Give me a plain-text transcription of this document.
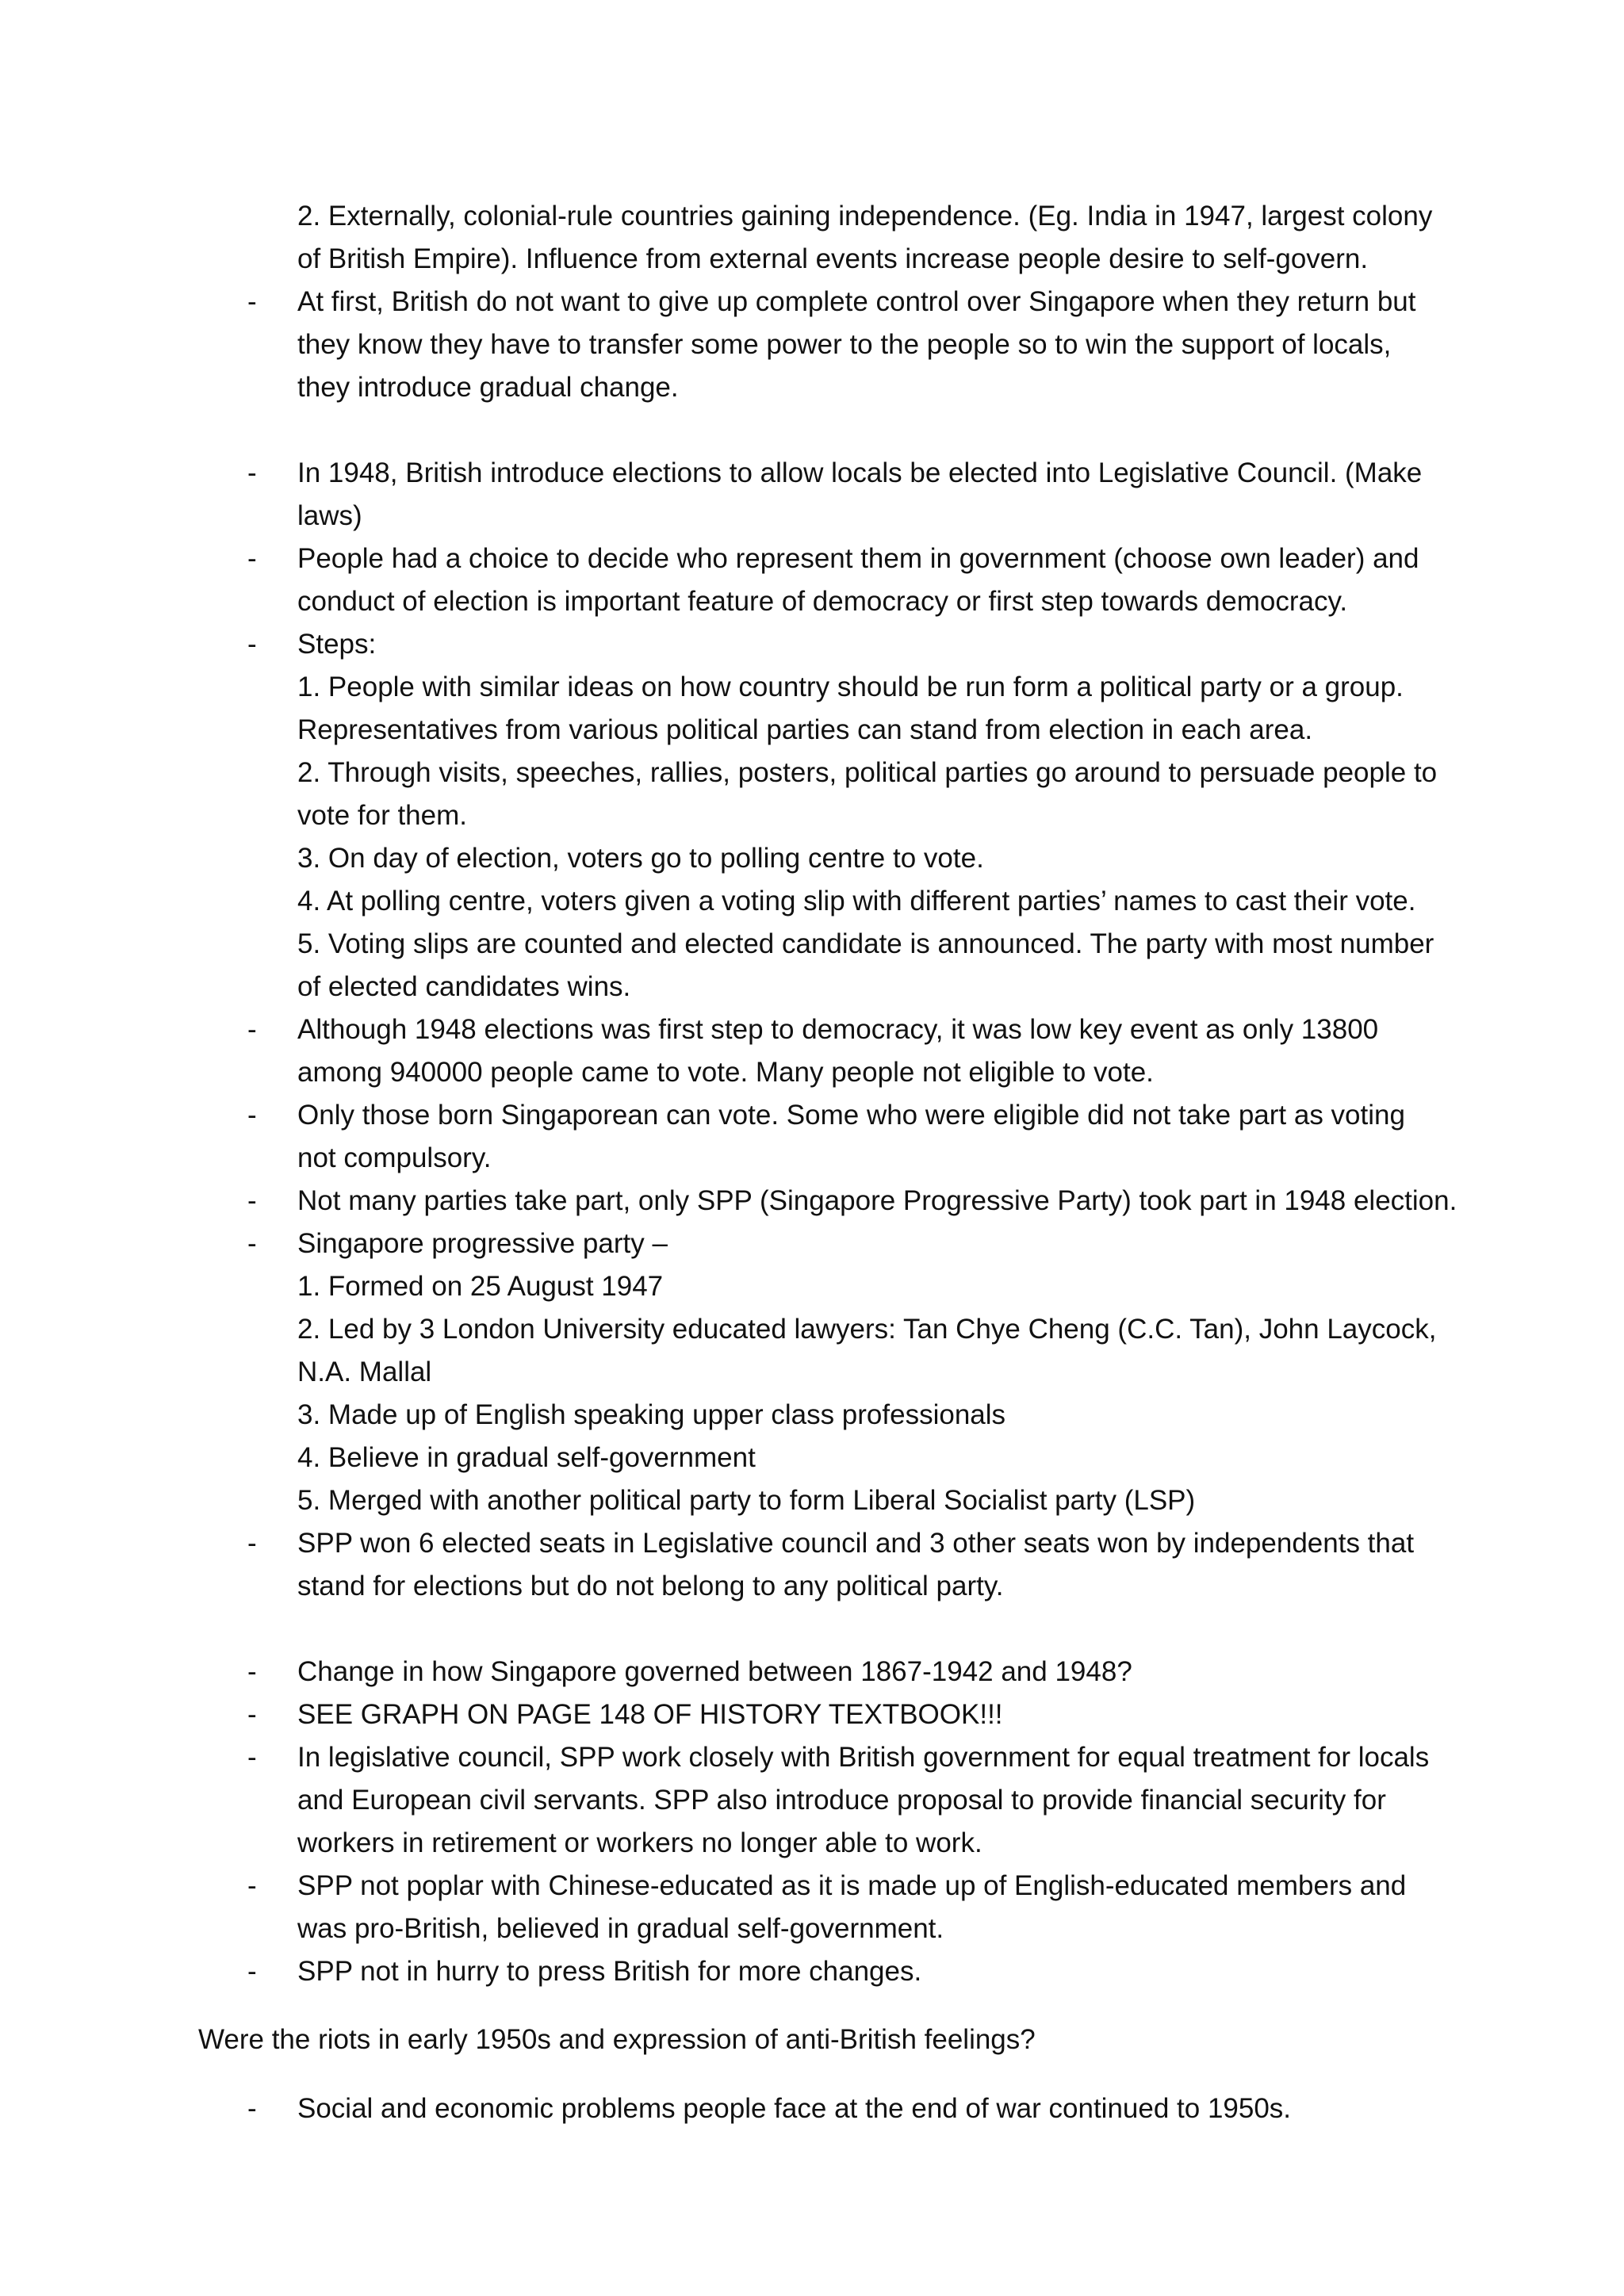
2. Externally, colonial-rule countries gaining independence. (Eg. India in 1947, largest colony
of British Empire). Influence from external events increase people desire to self-govern.
- At first, British do not want to give up complete control over Singapore when they return but
they know they have to transfer some power to the people so to win the support of locals,
they introduce gradual change.
- In 1948, British introduce elections to allow locals be elected into Legislative Council. (Make
laws)
- People had a choice to decide who represent them in government (choose own leader) and
conduct of election is important feature of democracy or first step towards democracy.
- Steps:
1. People with similar ideas on how country should be run form a political party or a group.
Representatives from various political parties can stand from election in each area.
2. Through visits, speeches, rallies, posters, political parties go around to persuade people to
vote for them.
3. On day of election, voters go to polling centre to vote.
4. At polling centre, voters given a voting slip with different parties’ names to cast their vote.
5. Voting slips are counted and elected candidate is announced. The party with most number
of elected candidates wins.
- Although 1948 elections was first step to democracy, it was low key event as only 13800
among 940000 people came to vote. Many people not eligible to vote.
- Only those born Singaporean can vote. Some who were eligible did not take part as voting
not compulsory.
- Not many parties take part, only SPP (Singapore Progressive Party) took part in 1948 election.
- Singapore progressive party –
1. Formed on 25 August 1947
2. Led by 3 London University educated lawyers: Tan Chye Cheng (C.C. Tan), John Laycock,
N.A. Mallal
3. Made up of English speaking upper class professionals
4. Believe in gradual self-government
5. Merged with another political party to form Liberal Socialist party (LSP)
- SPP won 6 elected seats in Legislative council and 3 other seats won by independents that
stand for elections but do not belong to any political party.
- Change in how Singapore governed between 1867-1942 and 1948?
- SEE GRAPH ON PAGE 148 OF HISTORY TEXTBOOK!!!
- In legislative council, SPP work closely with British government for equal treatment for locals
and European civil servants. SPP also introduce proposal to provide financial security for
workers in retirement or workers no longer able to work.
- SPP not poplar with Chinese-educated as it is made up of English-educated members and
was pro-British, believed in gradual self-government.
- SPP not in hurry to press British for more changes.
Were the riots in early 1950s and expression of anti-British feelings?
- Social and economic problems people face at the end of war continued to 1950s.
